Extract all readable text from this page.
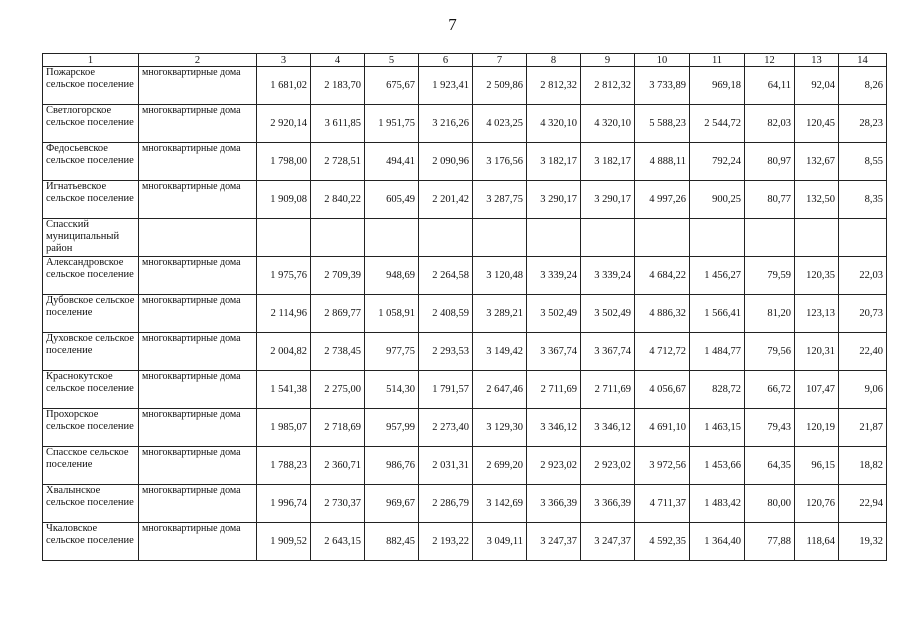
7
1	2	3	4	5	6	7	8	9	10	11	12	13	14
Пожарское сельское поселение	многоквартирные дома	1 681,02	2 183,70	675,67	1 923,41	2 509,86	2 812,32	2 812,32	3 733,89	969,18	64,11	92,04	8,26
Светлогорское сельское поселение	многоквартирные дома	2 920,14	3 611,85	1 951,75	3 216,26	4 023,25	4 320,10	4 320,10	5 588,23	2 544,72	82,03	120,45	28,23
Федосьевское сельское поселение	многоквартирные дома	1 798,00	2 728,51	494,41	2 090,96	3 176,56	3 182,17	3 182,17	4 888,11	792,24	80,97	132,67	8,55
Игнатьевское сельское поселение	многоквартирные дома	1 909,08	2 840,22	605,49	2 201,42	3 287,75	3 290,17	3 290,17	4 997,26	900,25	80,77	132,50	8,35
Спасский муниципальный район													
Александровское сельское поселение	многоквартирные дома	1 975,76	2 709,39	948,69	2 264,58	3 120,48	3 339,24	3 339,24	4 684,22	1 456,27	79,59	120,35	22,03
Дубовское сельское поселение	многоквартирные дома	2 114,96	2 869,77	1 058,91	2 408,59	3 289,21	3 502,49	3 502,49	4 886,32	1 566,41	81,20	123,13	20,73
Духовское сельское поселение	многоквартирные дома	2 004,82	2 738,45	977,75	2 293,53	3 149,42	3 367,74	3 367,74	4 712,72	1 484,77	79,56	120,31	22,40
Краснокутское сельское поселение	многоквартирные дома	1 541,38	2 275,00	514,30	1 791,57	2 647,46	2 711,69	2 711,69	4 056,67	828,72	66,72	107,47	9,06
Прохорское сельское поселение	многоквартирные дома	1 985,07	2 718,69	957,99	2 273,40	3 129,30	3 346,12	3 346,12	4 691,10	1 463,15	79,43	120,19	21,87
Спасское сельское поселение	многоквартирные дома	1 788,23	2 360,71	986,76	2 031,31	2 699,20	2 923,02	2 923,02	3 972,56	1 453,66	64,35	96,15	18,82
Хвалынское сельское поселение	многоквартирные дома	1 996,74	2 730,37	969,67	2 286,79	3 142,69	3 366,39	3 366,39	4 711,37	1 483,42	80,00	120,76	22,94
Чкаловское сельское поселение	многоквартирные дома	1 909,52	2 643,15	882,45	2 193,22	3 049,11	3 247,37	3 247,37	4 592,35	1 364,40	77,88	118,64	19,32
